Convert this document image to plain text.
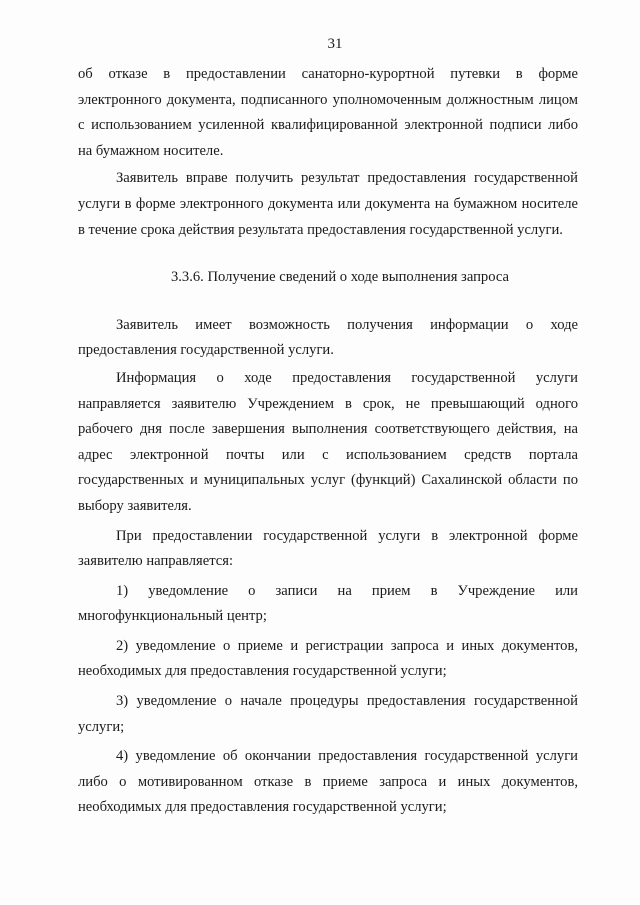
31

об отказе в предоставлении санаторно-курортной путевки в форме электронного документа, подписанного уполномоченным должностным лицом с использованием усиленной квалифицированной электронной подписи либо на бумажном носителе.

Заявитель вправе получить результат предоставления государственной услуги в форме электронного документа или документа на бумажном носителе в течение срока действия результата предоставления государственной услуги.

3.3.6. Получение сведений о ходе выполнения запроса

Заявитель имеет возможность получения информации о ходе предоставления государственной услуги.

Информация о ходе предоставления государственной услуги направляется заявителю Учреждением в срок, не превышающий одного рабочего дня после завершения выполнения соответствующего действия, на адрес электронной почты или с использованием средств портала государственных и муниципальных услуг (функций) Сахалинской области по выбору заявителя.

При предоставлении государственной услуги в электронной форме заявителю направляется:

1) уведомление о записи на прием в Учреждение или многофункциональный центр;

2) уведомление о приеме и регистрации запроса и иных документов, необходимых для предоставления государственной услуги;

3) уведомление о начале процедуры предоставления государственной услуги;

4) уведомление об окончании предоставления государственной услуги либо о мотивированном отказе в приеме запроса и иных документов, необходимых для предоставления государственной услуги;
